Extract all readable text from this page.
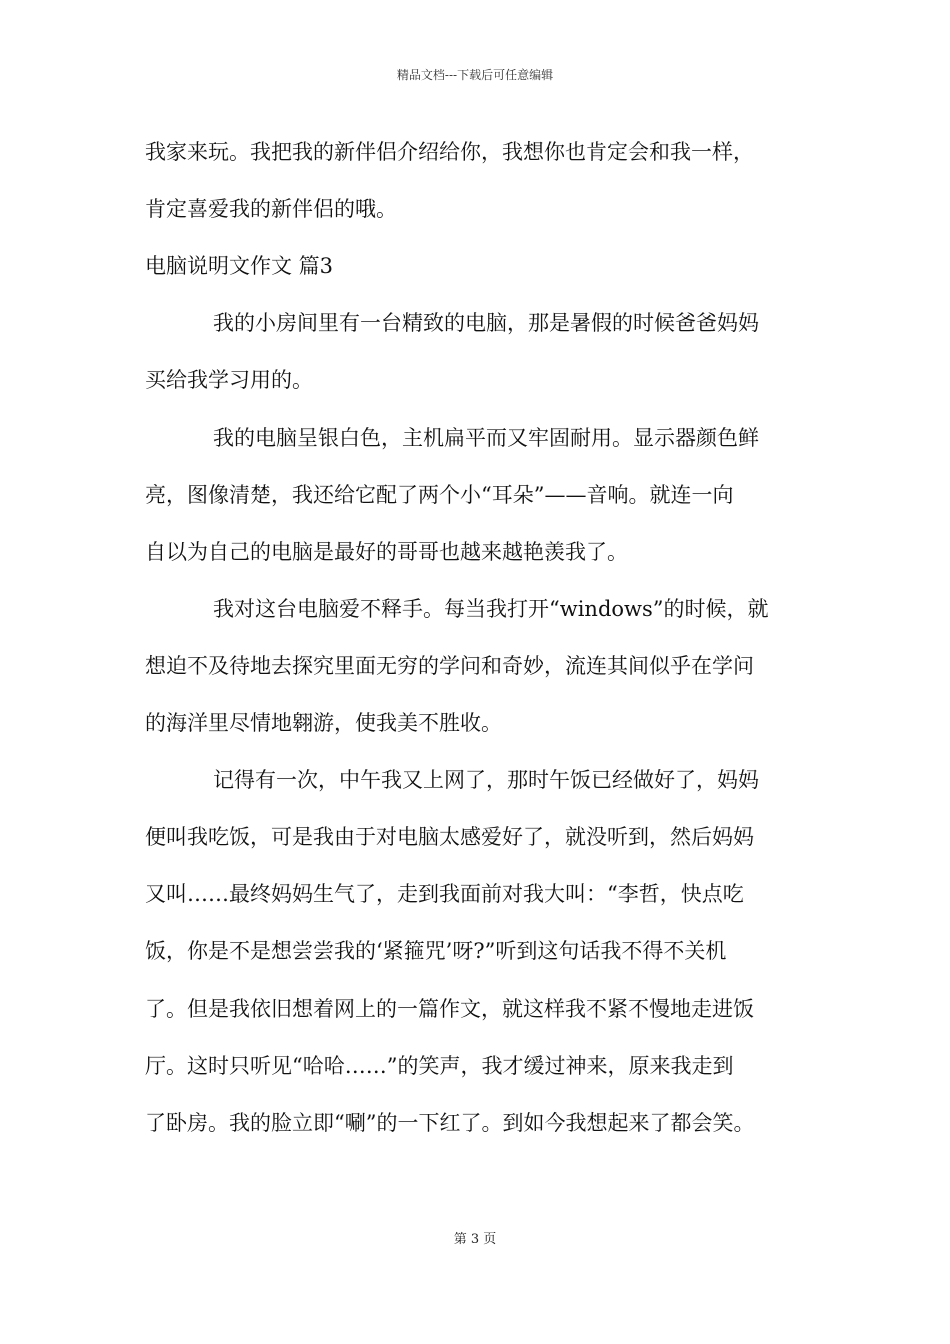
精品文档---下载后可任意编辑
我家来玩。我把我的新伴侣介绍给你，我想你也肯定会和我一样，
肯定喜爱我的新伴侣的哦。
电脑说明文作文 篇3
我的小房间里有一台精致的电脑，那是暑假的时候爸爸妈妈
买给我学习用的。
我的电脑呈银白色，主机扁平而又牢固耐用。显示器颜色鲜
亮，图像清楚，我还给它配了两个小“耳朵”——音响。就连一向
自以为自己的电脑是最好的哥哥也越来越艳羡我了。
我对这台电脑爱不释手。每当我打开“windows”的时候，就
想迫不及待地去探究里面无穷的学问和奇妙，流连其间似乎在学问
的海洋里尽情地翱游，使我美不胜收。
记得有一次，中午我又上网了，那时午饭已经做好了，妈妈
便叫我吃饭，可是我由于对电脑太感爱好了，就没听到，然后妈妈
又叫……最终妈妈生气了，走到我面前对我大叫：“李哲，快点吃
饭，你是不是想尝尝我的‘紧箍咒’呀?”听到这句话我不得不关机
了。但是我依旧想着网上的一篇作文，就这样我不紧不慢地走进饭
厅。这时只听见“哈哈……”的笑声，我才缓过神来，原来我走到
了卧房。我的脸立即“唰”的一下红了。到如今我想起来了都会笑。
第 3 页
